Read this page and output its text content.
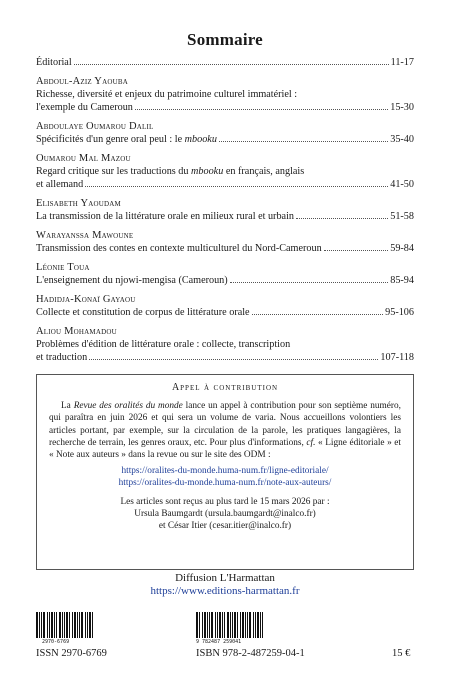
Sommaire
Éditorial	11-17
Abdoul-Aziz Yaouba
Richesse, diversité et enjeux du patrimoine culturel immatériel :
l'exemple du Cameroun	15-30
Abdoulaye Oumarou Dalil
Spécificités d'un genre oral peul : le mbooku	35-40
Oumarou Mal Mazou
Regard critique sur les traductions du mbooku en français, anglais
et allemand	41-50
Elisabeth Yaoudam
La transmission de la littérature orale en milieux rural et urbain	51-58
Warayanssa Mawoune
Transmission des contes en contexte multiculturel du Nord-Cameroun	59-84
Léonie Toua
L'enseignement du njowi-mengisa (Cameroun)	85-94
Hadidja-Konaï Gayaou
Collecte et constitution de corpus de littérature orale	95-106
Aliou Mohamadou
Problèmes d'édition de littérature orale : collecte, transcription
et traduction	107-118
Appel à contribution

La Revue des oralités du monde lance un appel à contribution pour son septième numéro, qui paraîtra en juin 2026 et qui sera un volume de varia. Nous accueillons volontiers les articles portant, par exemple, sur la circulation de la parole, les pratiques langagières, la recherche de terrain, les genres oraux, etc. Pour plus d'informations, cf. « Ligne éditoriale » et « Note aux auteurs » dans la revue ou sur le site des ODM :

https://oralites-du-monde.huma-num.fr/ligne-editoriale/
https://oralites-du-monde.huma-num.fr/note-aux-auteurs/
Les articles sont reçus au plus tard le 15 mars 2026 par :
Ursula Baumgardt (ursula.baumgardt@inalco.fr)
et César Itier (cesar.itier@inalco.fr)
Diffusion L'Harmattan
https://www.editions-harmattan.fr
2970-6769	9 782487 259041
ISSN 2970-6769	ISBN 978-2-487259-04-1	15 €
